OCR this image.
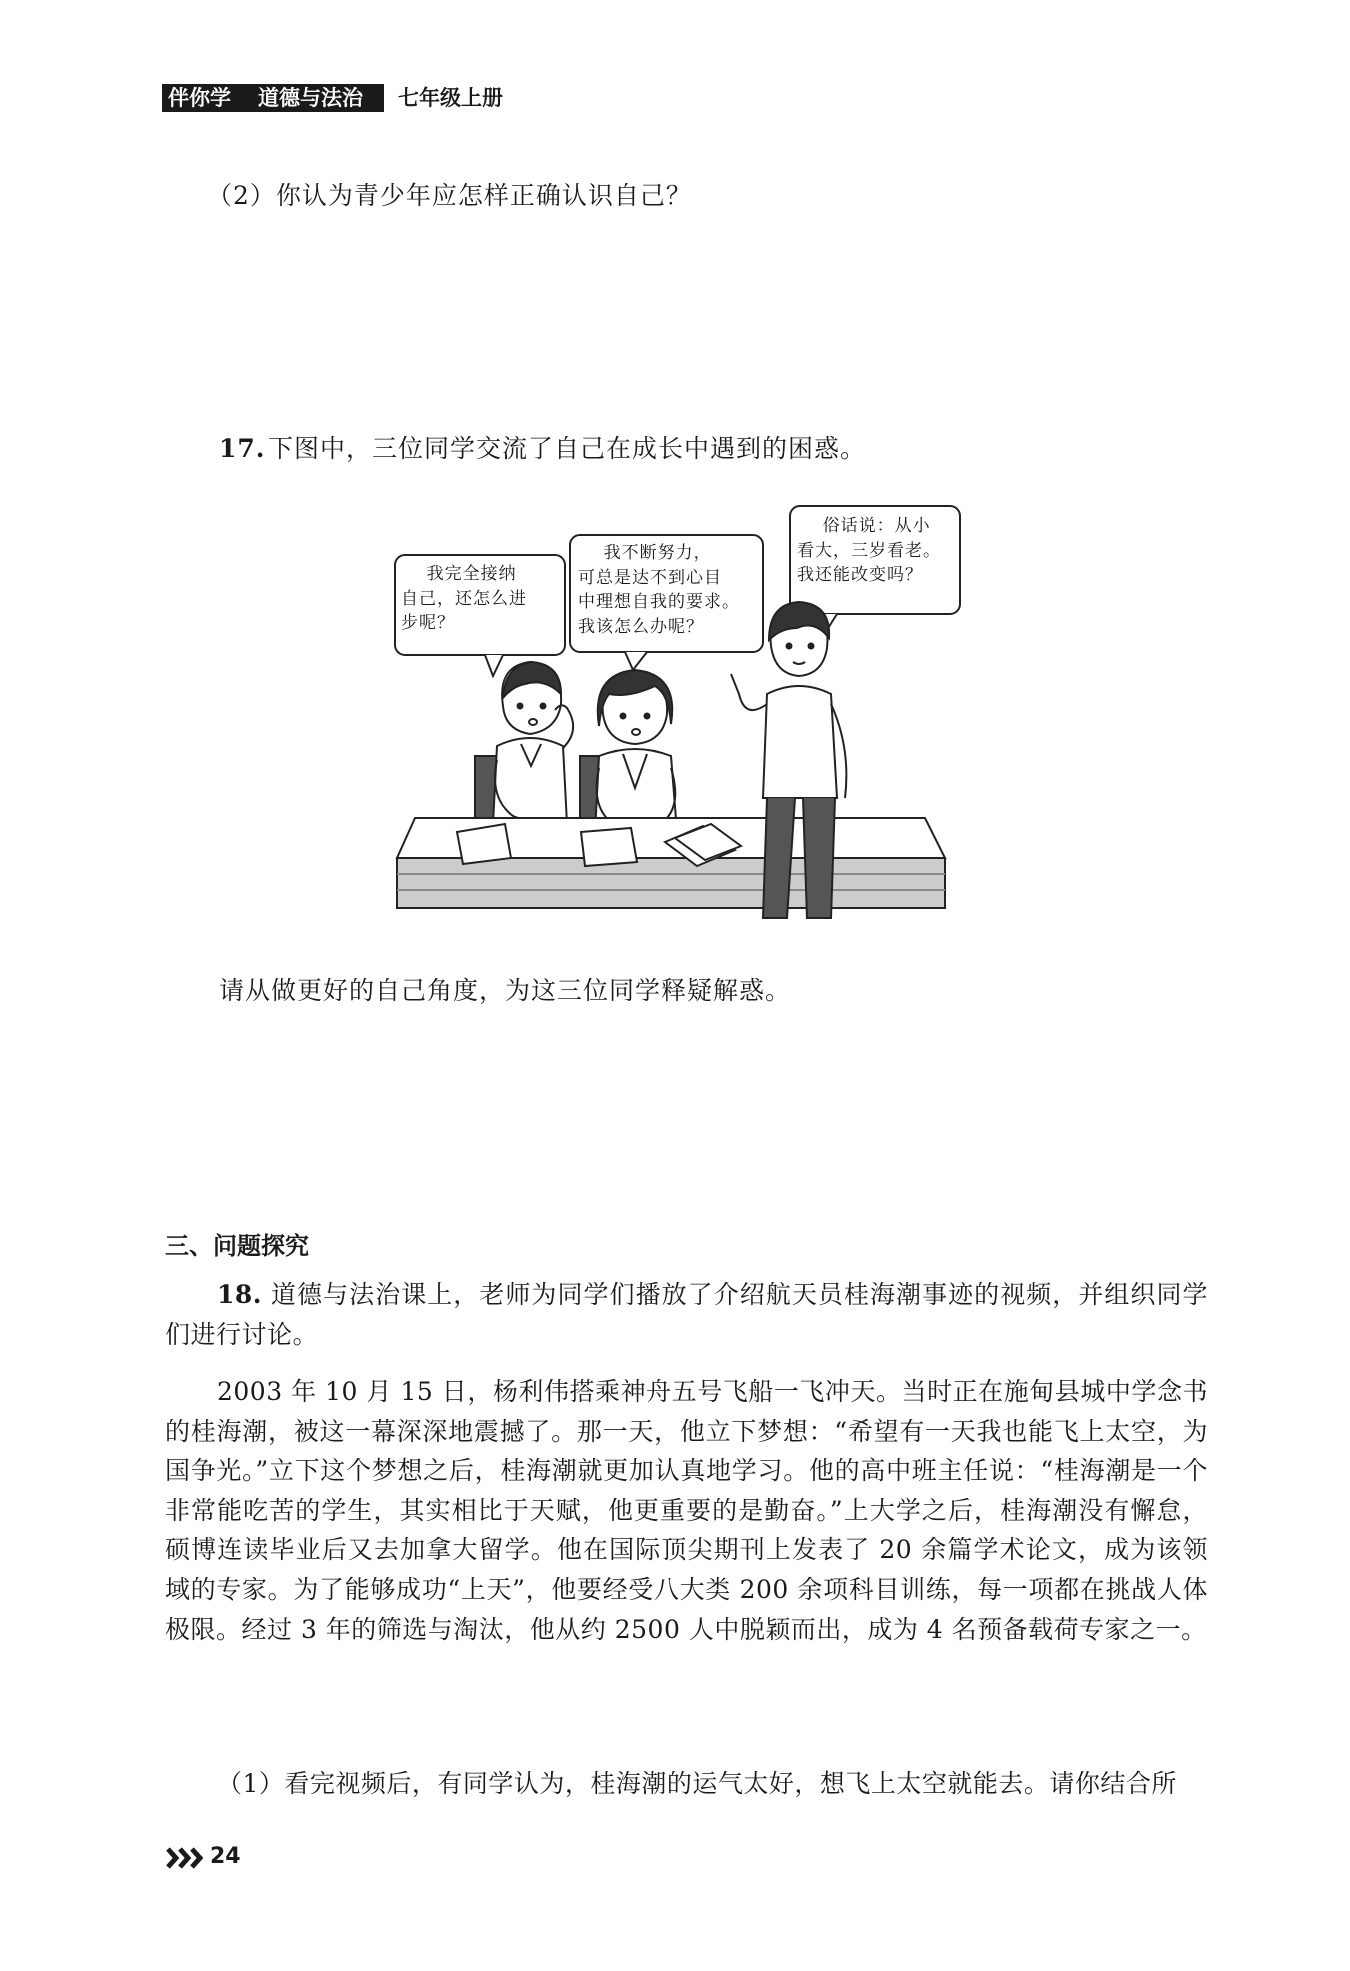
伴你学 道德与法治 七年级上册
（2）你认为青少年应怎样正确认识自己？
17. 下图中，三位同学交流了自己在成长中遇到的困惑。
我完全接纳
自己，还怎么进
步呢？
我不断努力，
可总是达不到心目
中理想自我的要求。
我该怎么办呢？
俗话说：从小
看大，三岁看老。
我还能改变吗？
请从做更好的自己角度，为这三位同学释疑解惑。
三、问题探究
18. 道德与法治课上，老师为同学们播放了介绍航天员桂海潮事迹的视频，并组织同学们进行讨论。
2003 年 10 月 15 日，杨利伟搭乘神舟五号飞船一飞冲天。当时正在施甸县城中学念书的桂海潮，被这一幕深深地震撼了。那一天，他立下梦想：“希望有一天我也能飞上太空，为国争光。”立下这个梦想之后，桂海潮就更加认真地学习。他的高中班主任说：“桂海潮是一个非常能吃苦的学生，其实相比于天赋，他更重要的是勤奋。”上大学之后，桂海潮没有懈怠，硕博连读毕业后又去加拿大留学。他在国际顶尖期刊上发表了 20 余篇学术论文，成为该领域的专家。为了能够成功“上天”，他要经受八大类 200 余项科目训练，每一项都在挑战人体极限。经过 3 年的筛选与淘汰，他从约 2500 人中脱颖而出，成为 4 名预备载荷专家之一。
（1）看完视频后，有同学认为，桂海潮的运气太好，想飞上太空就能去。请你结合所
24
